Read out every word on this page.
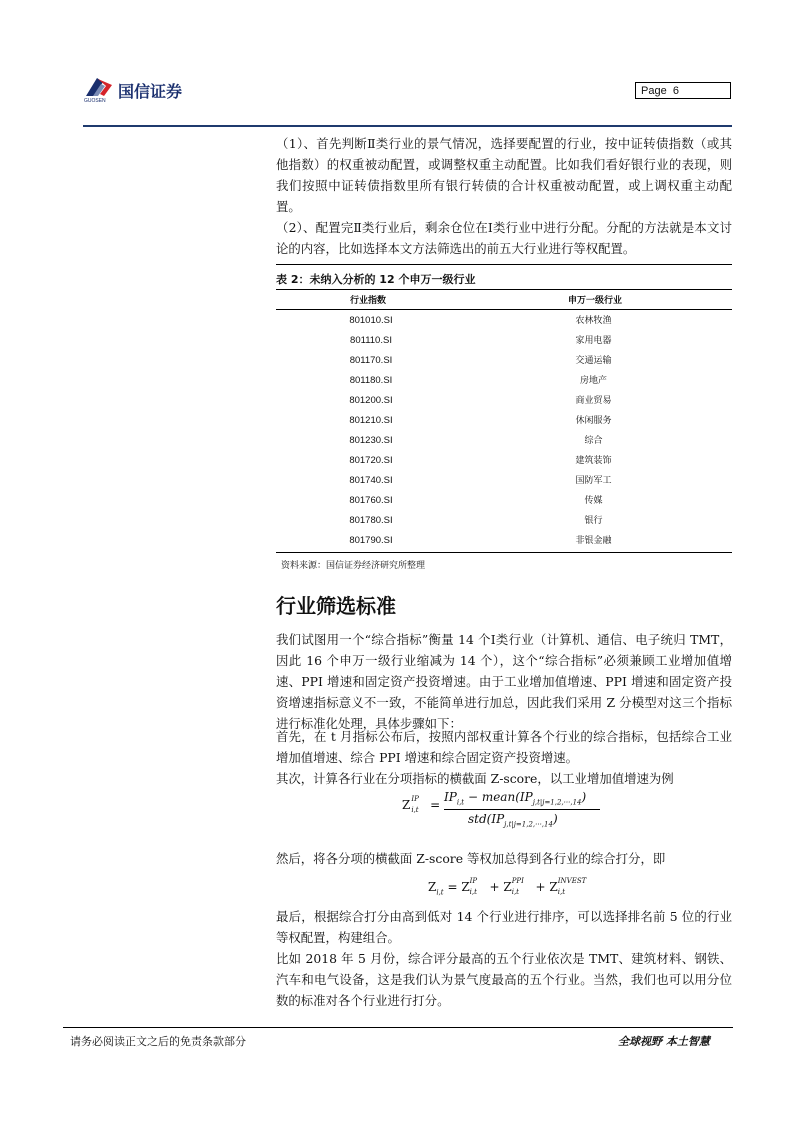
国信证券
GUOSEN
Page 6

（1）、首先判断Ⅱ类行业的景气情况，选择要配置的行业，按中证转债指数（或其他指数）的权重被动配置，或调整权重主动配置。比如我们看好银行业的表现，则我们按照中证转债指数里所有银行转债的合计权重被动配置，或上调权重主动配置。

（2）、配置完Ⅱ类行业后，剩余仓位在Ⅰ类行业中进行分配。分配的方法就是本文讨论的内容，比如选择本文方法筛选出的前五大行业进行等权配置。

表 2：未纳入分析的 12 个申万一级行业
行业指数	申万一级行业
801010.SI	农林牧渔
801110.SI	家用电器
801170.SI	交通运输
801180.SI	房地产
801200.SI	商业贸易
801210.SI	休闲服务
801230.SI	综合
801720.SI	建筑装饰
801740.SI	国防军工
801760.SI	传媒
801780.SI	银行
801790.SI	非银金融
资料来源：国信证券经济研究所整理
行业筛选标准

我们试图用一个“综合指标”衡量 14 个Ⅰ类行业（计算机、通信、电子统归 TMT，因此 16 个申万一级行业缩减为 14 个），这个“综合指标”必须兼顾工业增加值增速、PPI 增速和固定资产投资增速。由于工业增加值增速、PPI 增速和固定资产投资增速指标意义不一致，不能简单进行加总，因此我们采用 Z 分模型对这三个指标进行标准化处理，具体步骤如下：

首先，在 t 月指标公布后，按照内部权重计算各个行业的综合指标，包括综合工业增加值增速、综合 PPI 增速和综合固定资产投资增速。

其次，计算各行业在分项指标的横截面 Z-score，以工业增加值增速为例

Z IP
i,t =
$IP_{i,t}$ − $mean(IP_{j,t|j=1,2,\cdot\cdot\cdot,14})$
$std(IP_{j,t|j=1,2,\cdot\cdot\cdot,14})$

然后，将各分项的横截面 Z-score 等权加总得到各行业的综合打分，即

$Z_{i,t} = Z$ IP
i,t + Z PPI
i,t + Z INVEST
i,t

最后，根据综合打分由高到低对 14 个行业进行排序，可以选择排名前 5 位的行业等权配置，构建组合。

比如 2018 年 5 月份，综合评分最高的五个行业依次是 TMT、建筑材料、钢铁、汽车和电气设备，这是我们认为景气度最高的五个行业。当然，我们也可以用分位数的标准对各个行业进行打分。

请务必阅读正文之后的免责条款部分	全球视野 本土智慧
